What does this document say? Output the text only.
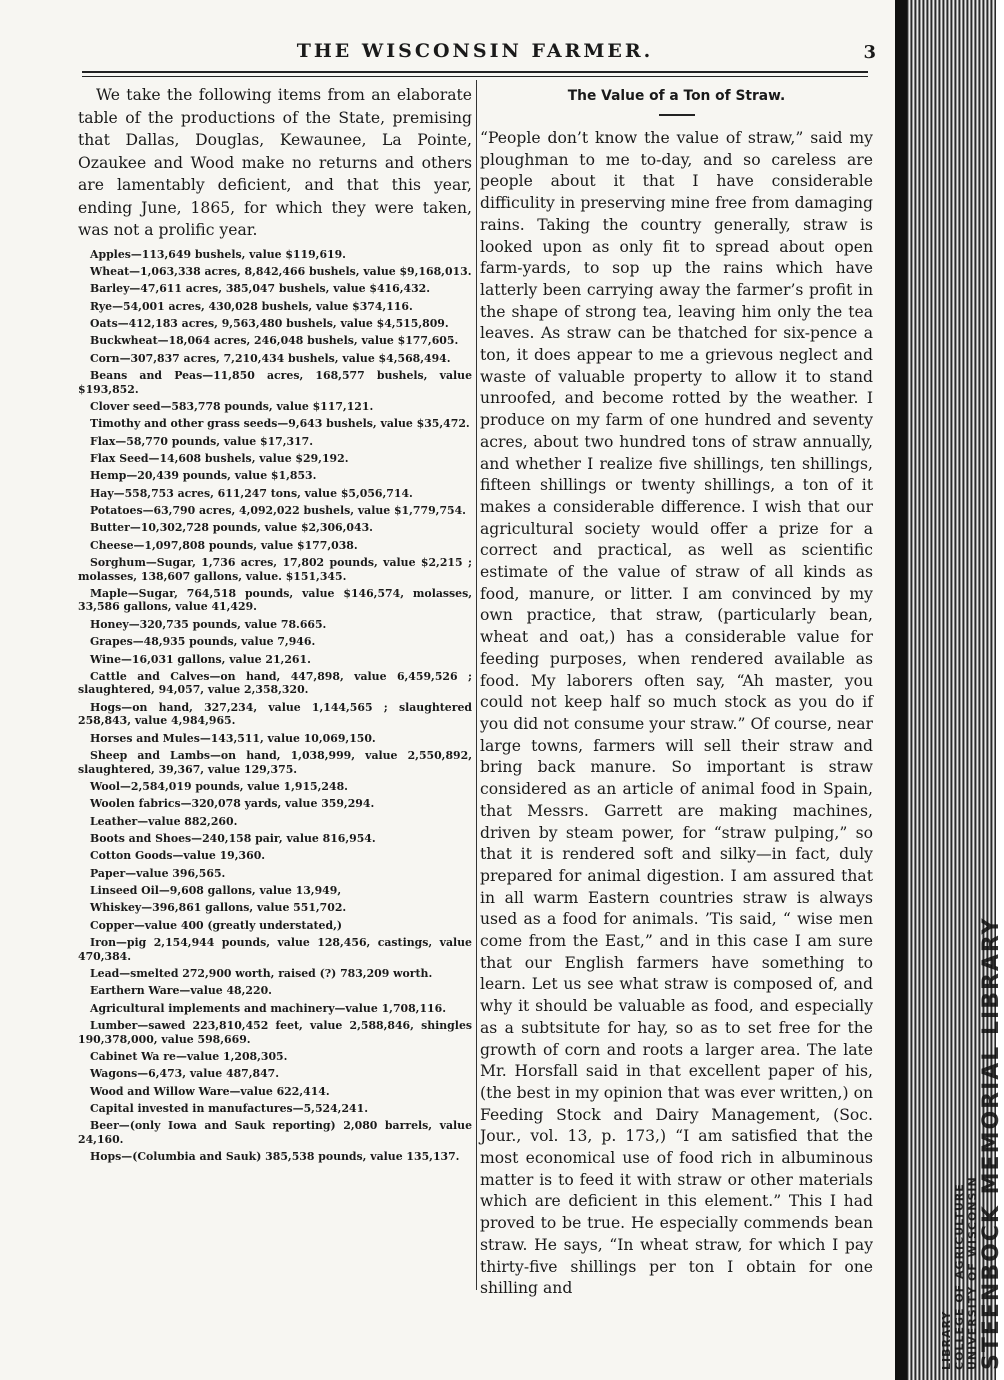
THE WISCONSIN FARMER.	3

We take the following items from an elaborate table of the productions of the State, premising that Dallas, Douglas, Kewaunee, La Pointe, Ozaukee and Wood make no returns and others are lamentably deficient, and that this year, ending June, 1865, for which they were taken, was not a prolific year.

Apples—113,649 bushels, value $119,619.
Wheat—1,063,338 acres, 8,842,466 bushels, value $9,168,013.
Barley—47,611 acres, 385,047 bushels, value $416,432.
Rye—54,001 acres, 430,028 bushels, value $374,116.
Oats—412,183 acres, 9,563,480 bushels, value $4,515,809.
Buckwheat—18,064 acres, 246,048 bushels, value $177,605.
Corn—307,837 acres, 7,210,434 bushels, value $4,568,494.
Beans and Peas—11,850 acres, 168,577 bushels, value $193,852.
Clover seed—583,778 pounds, value $117,121.
Timothy and other grass seeds—9,643 bushels, value $35,472.
Flax—58,770 pounds, value $17,317.
Flax Seed—14,608 bushels, value $29,192.
Hemp—20,439 pounds, value $1,853.
Hay—558,753 acres, 611,247 tons, value $5,056,714.
Potatoes—63,790 acres, 4,092,022 bushels, value $1,779,754.
Butter—10,302,728 pounds, value $2,306,043.
Cheese—1,097,808 pounds, value $177,038.
Sorghum—Sugar, 1,736 acres, 17,802 pounds, value $2,215 ; molasses, 138,607 gallons, value. $151,345.
Maple—Sugar, 764,518 pounds, value $146,574, molasses, 33,586 gallons, value 41,429.
Honey—320,735 pounds, value 78.665.
Grapes—48,935 pounds, value 7,946.
Wine—16,031 gallons, value 21,261.
Cattle and Calves—on hand, 447,898, value 6,459,526 ; slaughtered, 94,057, value 2,358,320.
Hogs—on hand, 327,234, value 1,144,565 ; slaughtered 258,843, value 4,984,965.
Horses and Mules—143,511, value 10,069,150.
Sheep and Lambs—on hand, 1,038,999, value 2,550,892, slaughtered, 39,367, value 129,375.
Wool—2,584,019 pounds, value 1,915,248.
Woolen fabrics—320,078 yards, value 359,294.
Leather—value 882,260.
Boots and Shoes—240,158 pair, value 816,954.
Cotton Goods—value 19,360.
Paper—value 396,565.
Linseed Oil—9,608 gallons, value 13,949,
Whiskey—396,861 gallons, value 551,702.
Copper—value 400 (greatly understated,)
Iron—pig 2,154,944 pounds, value 128,456, castings, value 470,384.
Lead—smelted 272,900 worth, raised (?) 783,209 worth.
Earthern Ware—value 48,220.
Agricultural implements and machinery—value 1,708,116.
Lumber—sawed 223,810,452 feet, value 2,588,846, shingles 190,378,000, value 598,669.
Cabinet Wa re—value 1,208,305.
Wagons—6,473, value 487,847.
Wood and Willow Ware—value 622,414.
Capital invested in manufactures—5,524,241.
Beer—(only Iowa and Sauk reporting) 2,080 barrels, value 24,160.
Hops—(Columbia and Sauk) 385,538 pounds, value 135,137.
The Value of a Ton of Straw.

“People don’t know the value of straw,” said my ploughman to me to-day, and so careless are people about it that I have considerable difficulity in preserving mine free from damaging rains. Taking the country generally, straw is looked upon as only fit to spread about open farm-yards, to sop up the rains which have latterly been carrying away the farmer’s profit in the shape of strong tea, leaving him only the tea leaves. As straw can be thatched for six-pence a ton, it does appear to me a grievous neglect and waste of valuable property to allow it to stand unroofed, and become rotted by the weather. I produce on my farm of one hundred and seventy acres, about two hundred tons of straw annually, and whether I realize five shillings, ten shillings, fifteen shillings or twenty shillings, a ton of it makes a considerable difference. I wish that our agricultural society would offer a prize for a correct and practical, as well as scientific estimate of the value of straw of all kinds as food, manure, or litter. I am convinced by my own practice, that straw, (particularly bean, wheat and oat,) has a considerable value for feeding purposes, when rendered available as food. My laborers often say, “Ah master, you could not keep half so much stock as you do if you did not consume your straw.” Of course, near large towns, farmers will sell their straw and bring back manure. So important is straw considered as an article of animal food in Spain, that Messrs. Garrett are making machines, driven by steam power, for “straw pulping,” so that it is rendered soft and silky—in fact, duly prepared for animal digestion. I am assured that in all warm Eastern countries straw is always used as a food for animals. ’Tis said, “ wise men come from the East,” and in this case I am sure that our English farmers have something to learn. Let us see what straw is composed of, and why it should be valuable as food, and especially as a subtsitute for hay, so as to set free for the growth of corn and roots a larger area. The late Mr. Horsfall said in that excellent paper of his, (the best in my opinion that was ever written,) on Feeding Stock and Dairy Management, (Soc. Jour., vol. 13, p. 173,) “I am satisfied that the most economical use of food rich in albuminous matter is to feed it with straw or other materials which are deficient in this element.” This I had proved to be true. He especially commends bean straw. He says, “In wheat straw, for which I pay thirty-five shillings per ton I obtain for one shilling and

LIBRARY COLLEGE OF AGRICULTURE UNIVERSITY OF WISCONSIN STEENBOCK MEMORIAL LIBRARY
